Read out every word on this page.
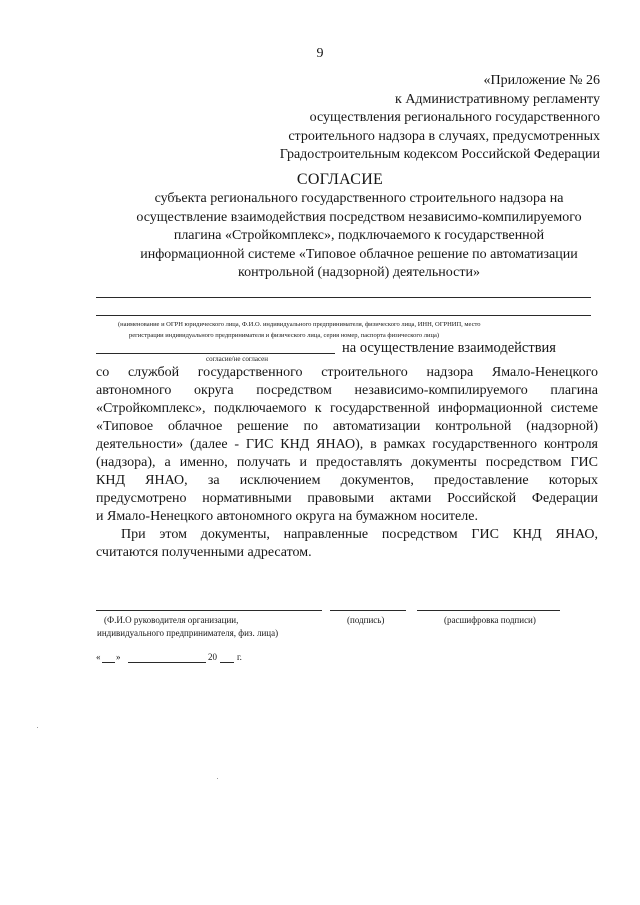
9
«Приложение № 26
к Административному регламенту
осуществления регионального государственного
строительного надзора в случаях, предусмотренных
Градостроительным кодексом Российской Федерации
СОГЛАСИЕ
субъекта регионального государственного строительного надзора на
осуществление взаимодействия посредством независимо-компилируемого
плагина «Стройкомплекс», подключаемого к государственной
информационной системе «Типовое облачное решение по автоматизации
контрольной (надзорной) деятельности»
(наименование и ОГРН юридического лица, Ф.И.О. индивидуального предпринимателя, физического лица, ИНН, ОГРНИП, место
регистрации индивидуального предпринимателя и физического лица, серия номер, паспорта физического лица)
на осуществление взаимодействия
согласие/не согласен
со службой государственного строительного надзора Ямало-Ненецкого
автономного округа посредством независимо-компилируемого плагина
«Стройкомплекс», подключаемого к государственной информационной системе
«Типовое облачное решение по автоматизации контрольной (надзорной)
деятельности» (далее - ГИС КНД ЯНАО), в рамках государственного контроля
(надзора), а именно, получать и предоставлять документы посредством ГИС
КНД ЯНАО, за исключением документов, предоставление которых
предусмотрено нормативными правовыми актами Российской Федерации
и Ямало-Ненецкого автономного округа на бумажном носителе.
При этом документы, направленные посредством ГИС КНД ЯНАО,
считаются полученными адресатом.
(Ф.И.О руководителя организации,
индивидуального предпринимателя, физ. лица)
(подпись)	(расшифровка подписи)
« »	20 г.
